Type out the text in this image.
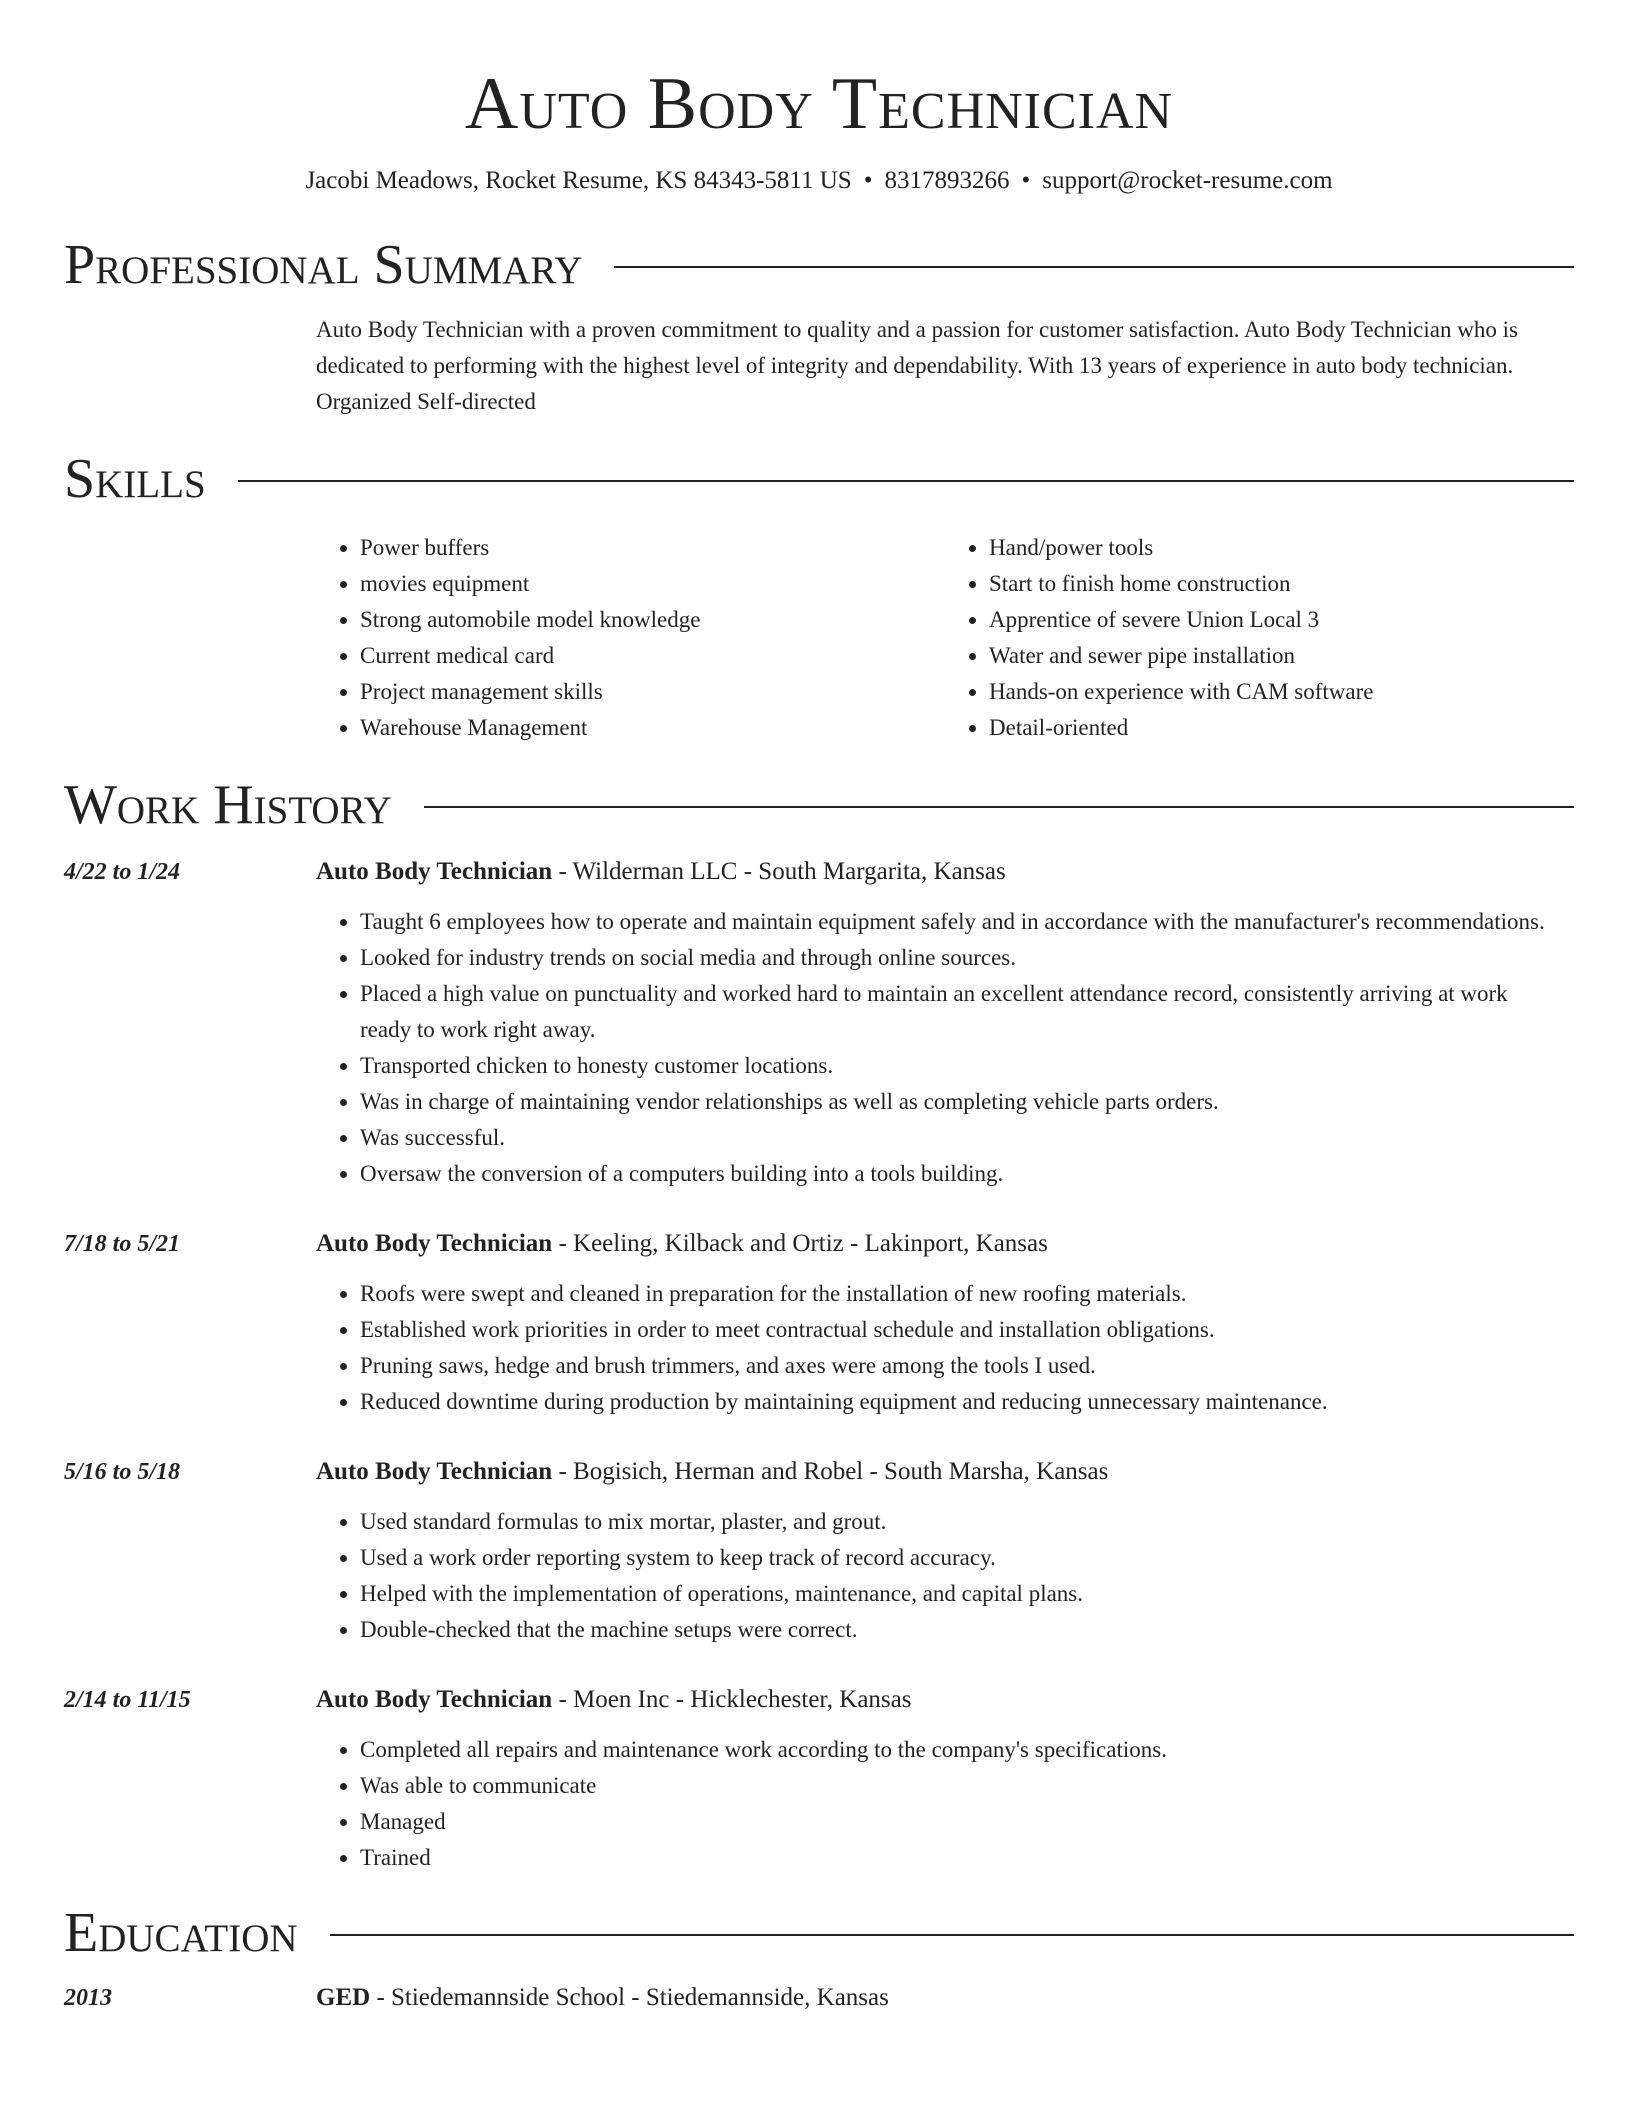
Auto Body Technician
Jacobi Meadows, Rocket Resume, KS 84343-5811 US • 8317893266 • support@rocket-resume.com
Professional Summary
Auto Body Technician with a proven commitment to quality and a passion for customer satisfaction. Auto Body Technician who is dedicated to performing with the highest level of integrity and dependability. With 13 years of experience in auto body technician. Organized Self-directed
Skills
• Power buffers
• movies equipment
• Strong automobile model knowledge
• Current medical card
• Project management skills
• Warehouse Management
• Hand/power tools
• Start to finish home construction
• Apprentice of severe Union Local 3
• Water and sewer pipe installation
• Hands-on experience with CAM software
• Detail-oriented
Work History
4/22 to 1/24	Auto Body Technician - Wilderman LLC - South Margarita, Kansas
• Taught 6 employees how to operate and maintain equipment safely and in accordance with the manufacturer's recommendations.
• Looked for industry trends on social media and through online sources.
• Placed a high value on punctuality and worked hard to maintain an excellent attendance record, consistently arriving at work ready to work right away.
• Transported chicken to honesty customer locations.
• Was in charge of maintaining vendor relationships as well as completing vehicle parts orders.
• Was successful.
• Oversaw the conversion of a computers building into a tools building.
7/18 to 5/21	Auto Body Technician - Keeling, Kilback and Ortiz - Lakinport, Kansas
• Roofs were swept and cleaned in preparation for the installation of new roofing materials.
• Established work priorities in order to meet contractual schedule and installation obligations.
• Pruning saws, hedge and brush trimmers, and axes were among the tools I used.
• Reduced downtime during production by maintaining equipment and reducing unnecessary maintenance.
5/16 to 5/18	Auto Body Technician - Bogisich, Herman and Robel - South Marsha, Kansas
• Used standard formulas to mix mortar, plaster, and grout.
• Used a work order reporting system to keep track of record accuracy.
• Helped with the implementation of operations, maintenance, and capital plans.
• Double-checked that the machine setups were correct.
2/14 to 11/15	Auto Body Technician - Moen Inc - Hicklechester, Kansas
• Completed all repairs and maintenance work according to the company's specifications.
• Was able to communicate
• Managed
• Trained
Education
2013	GED - Stiedemannside School - Stiedemannside, Kansas
